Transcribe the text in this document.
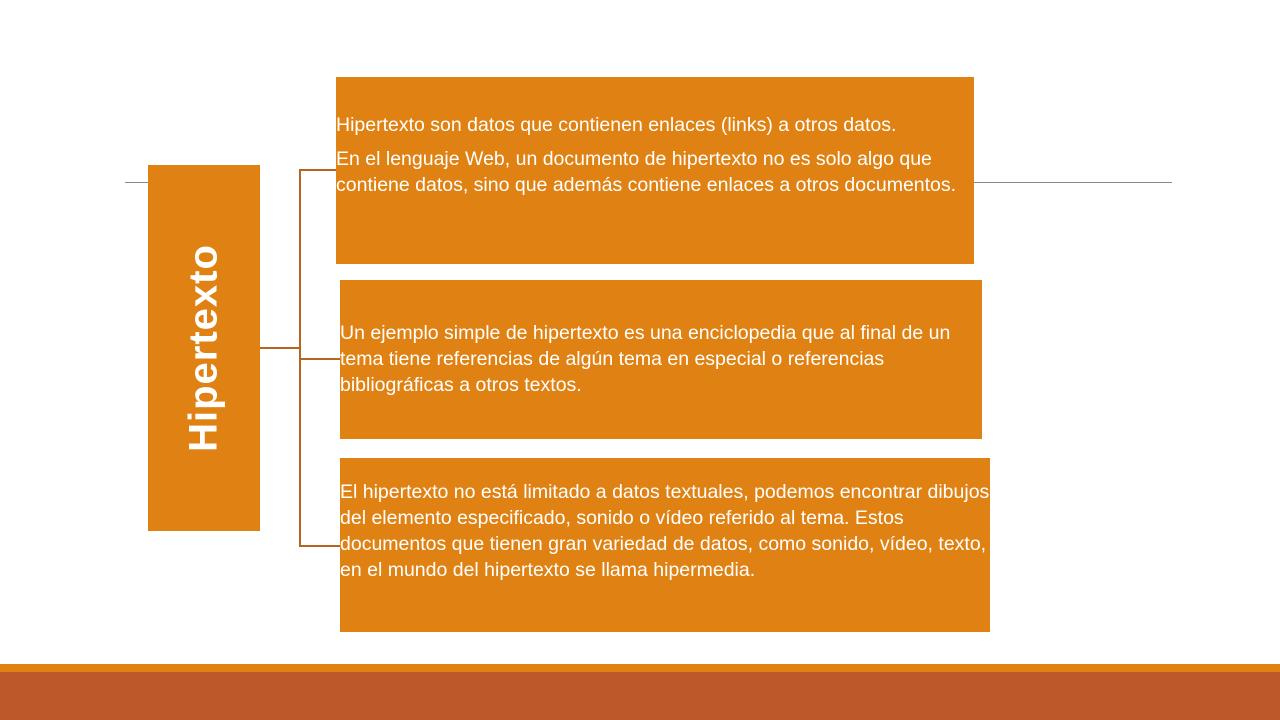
Hipertexto

Hipertexto son datos que contienen enlaces (links) a otros datos.

En el lenguaje Web, un documento de hipertexto no es solo algo que contiene datos, sino que además contiene enlaces a otros documentos.

Un ejemplo simple de hipertexto es una enciclopedia que al final de un tema tiene referencias de algún tema en especial o referencias bibliográficas a otros textos.

El hipertexto no está limitado a datos textuales, podemos encontrar dibujos del elemento especificado, sonido o vídeo referido al tema. Estos documentos que tienen gran variedad de datos, como sonido, vídeo, texto, en el mundo del hipertexto se llama hipermedia.
